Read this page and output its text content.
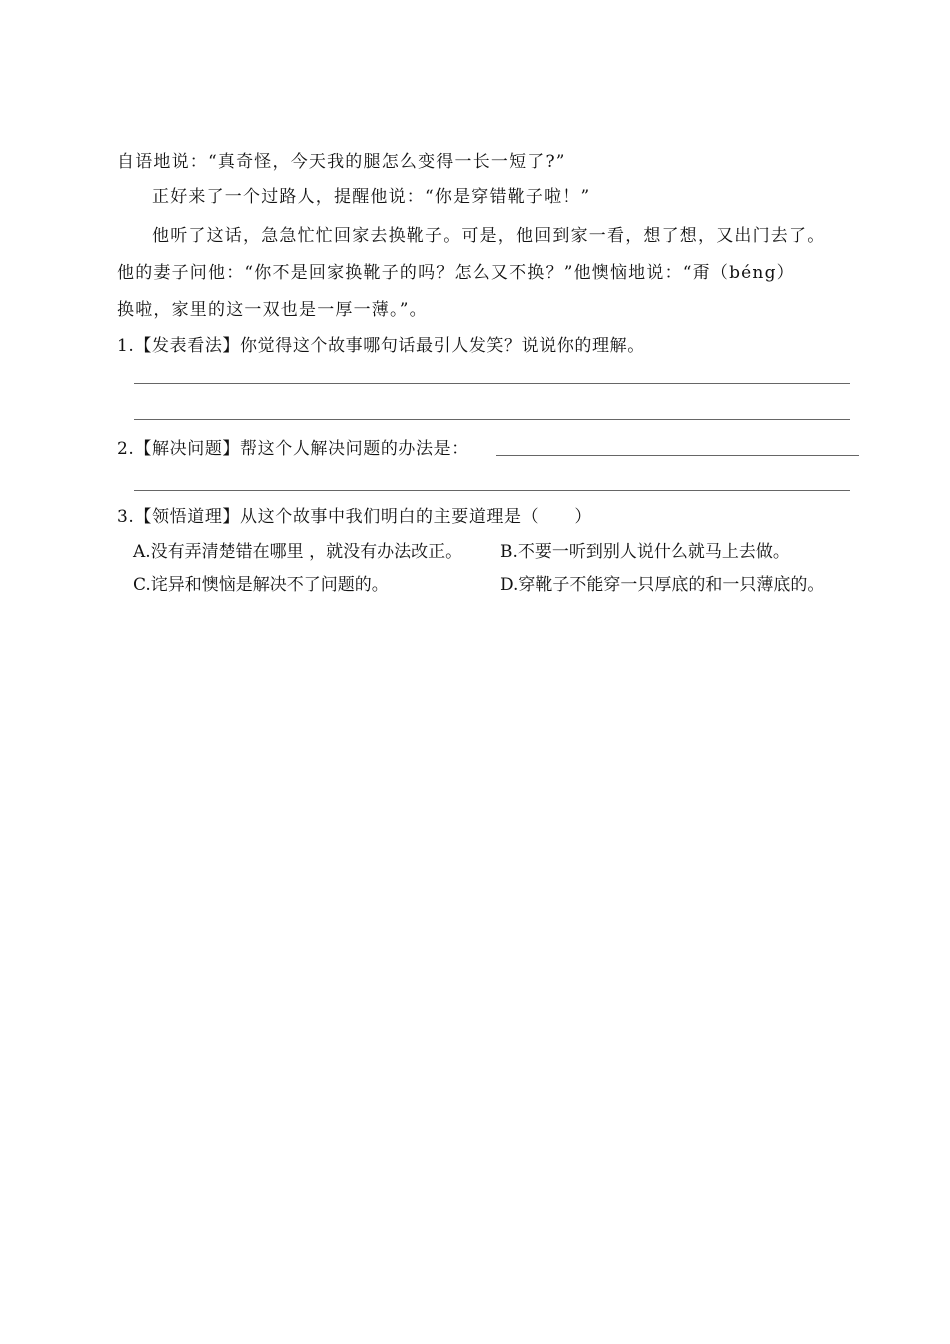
自语地说：“真奇怪，今天我的腿怎么变得一长一短了?”
正好来了一个过路人，提醒他说：“你是穿错靴子啦！”
他听了这话，急急忙忙回家去换靴子。可是，他回到家一看，想了想，又出门去了。
他的妻子问他：“你不是回家换靴子的吗？怎么又不换？”他懊恼地说：“甭（béng）
换啦，家里的这一双也是一厚一薄。”。
1.【发表看法】你觉得这个故事哪句话最引人发笑？说说你的理解。
2.【解决问题】帮这个人解决问题的办法是：
3.【领悟道理】从这个故事中我们明白的主要道理是（　　）
A.没有弄清楚错在哪里 ，就没有办法改正。 B.不要一听到别人说什么就马上去做。
C.诧异和懊恼是解决不了问题的。	D.穿靴子不能穿一只厚底的和一只薄底的。
